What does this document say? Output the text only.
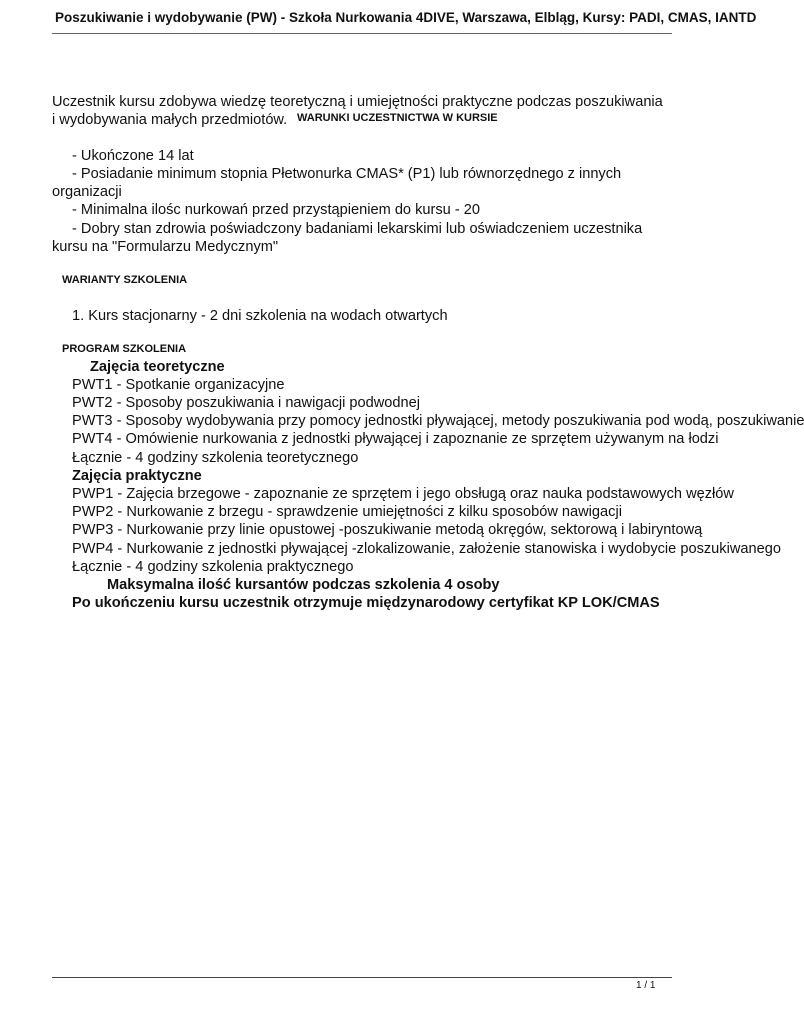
Poszukiwanie i wydobywanie (PW) - Szkoła Nurkowania 4DIVE, Warszawa, Elbląg, Kursy: PADI, CMAS, IANTD
Uczestnik kursu zdobywa wiedzę teoretyczną i umiejętności praktyczne podczas poszukiwania
i wydobywania małych przedmiotów. WARUNKI UCZESTNICTWA W KURSIE
- Ukończone 14 lat
- Posiadanie minimum stopnia Płetwonurka CMAS* (P1) lub równorzędnego z innych
organizacji
- Minimalna ilośc nurkowań przed przystąpieniem do kursu - 20
- Dobry stan zdrowia poświadczony badaniami lekarskimi lub oświadczeniem uczestnika
kursu na "Formularzu Medycznym"
WARIANTY SZKOLENIA
1. Kurs stacjonarny - 2 dni szkolenia na wodach otwartych
PROGRAM SZKOLENIA
Zajęcia teoretyczne
PWT1 - Spotkanie organizacyjne
PWT2 - Sposoby poszukiwania i nawigacji podwodnej
PWT3 - Sposoby wydobywania przy pomocy jednostki pływającej, metody poszukiwania pod wodą, poszukiwanie
PWT4 - Omówienie nurkowania z jednostki pływającej i zapoznanie ze sprzętem używanym na łodzi
Łącznie - 4 godziny szkolenia teoretycznego
Zajęcia praktyczne
PWP1 - Zajęcia brzegowe - zapoznanie ze sprzętem i jego obsługą oraz nauka podstawowych węzłów
PWP2 - Nurkowanie z brzegu - sprawdzenie umiejętności z kilku sposobów nawigacji
PWP3 - Nurkowanie przy linie opustowej -poszukiwanie metodą okręgów, sektorową i labiryntową
PWP4 - Nurkowanie z jednostki pływającej -zlokalizowanie, założenie stanowiska i wydobycie poszukiwanego
Łącznie - 4 godziny szkolenia praktycznego
Maksymalna ilość kursantów podczas szkolenia 4 osoby
Po ukończeniu kursu uczestnik otrzymuje międzynarodowy certyfikat KP LOK/CMAS
1 / 1
